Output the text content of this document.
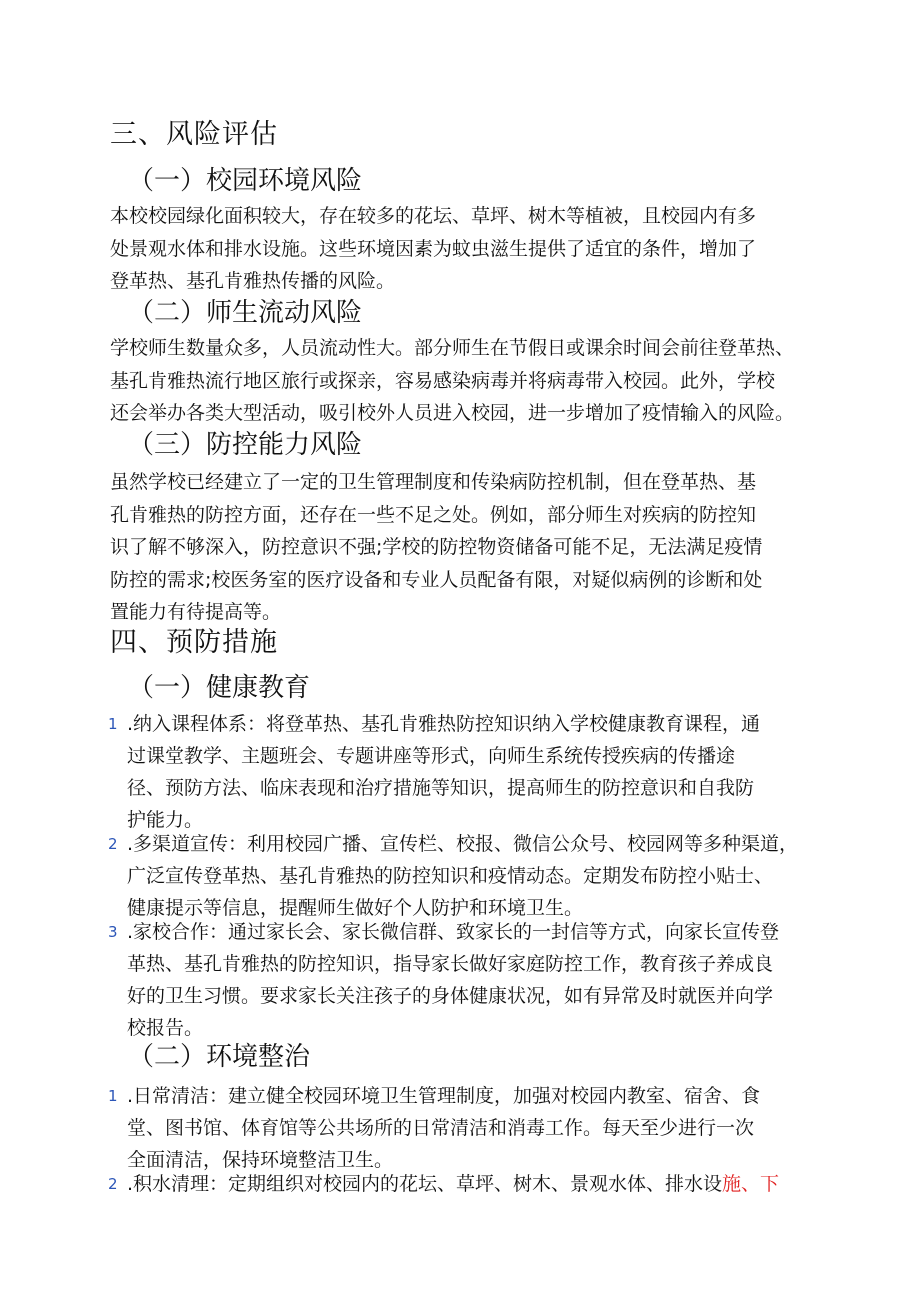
三、风险评估
（一）校园环境风险

本校校园绿化面积较大，存在较多的花坛、草坪、树木等植被，且校园内有多

处景观水体和排水设施。这些环境因素为蚊虫滋生提供了适宜的条件，增加了

登革热、基孔肯雅热传播的风险。

（二）师生流动风险

学校师生数量众多，人员流动性大。部分师生在节假日或课余时间会前往登革热、

基孔肯雅热流行地区旅行或探亲，容易感染病毒并将病毒带入校园。此外，学校

还会举办各类大型活动，吸引校外人员进入校园，进一步增加了疫情输入的风险。

（三）防控能力风险

虽然学校已经建立了一定的卫生管理制度和传染病防控机制，但在登革热、基

孔肯雅热的防控方面，还存在一些不足之处。例如，部分师生对疾病的防控知

识了解不够深入，防控意识不强;学校的防控物资储备可能不足，无法满足疫情

防控的需求;校医务室的医疗设备和专业人员配备有限，对疑似病例的诊断和处

置能力有待提高等。

四、预防措施
（一）健康教育
1 .纳入课程体系：将登革热、基孔肯雅热防控知识纳入学校健康教育课程，通

过课堂教学、主题班会、专题讲座等形式，向师生系统传授疾病的传播途

径、预防方法、临床表现和治疗措施等知识，提高师生的防控意识和自我防

护能力。

2 .多渠道宣传：利用校园广播、宣传栏、校报、微信公众号、校园网等多种渠道，

广泛宣传登革热、基孔肯雅热的防控知识和疫情动态。定期发布防控小贴士、

健康提示等信息，提醒师生做好个人防护和环境卫生。

3 .家校合作：通过家长会、家长微信群、致家长的一封信等方式，向家长宣传登

革热、基孔肯雅热的防控知识，指导家长做好家庭防控工作，教育孩子养成良

好的卫生习惯。要求家长关注孩子的身体健康状况，如有异常及时就医并向学

校报告。

（二）环境整治
1 .日常清洁：建立健全校园环境卫生管理制度，加强对校园内教室、宿舍、食

堂、图书馆、体育馆等公共场所的日常清洁和消毒工作。每天至少进行一次

全面清洁，保持环境整洁卫生。

2 .积水清理：定期组织对校园内的花坛、草坪、树木、景观水体、排水设施、下
